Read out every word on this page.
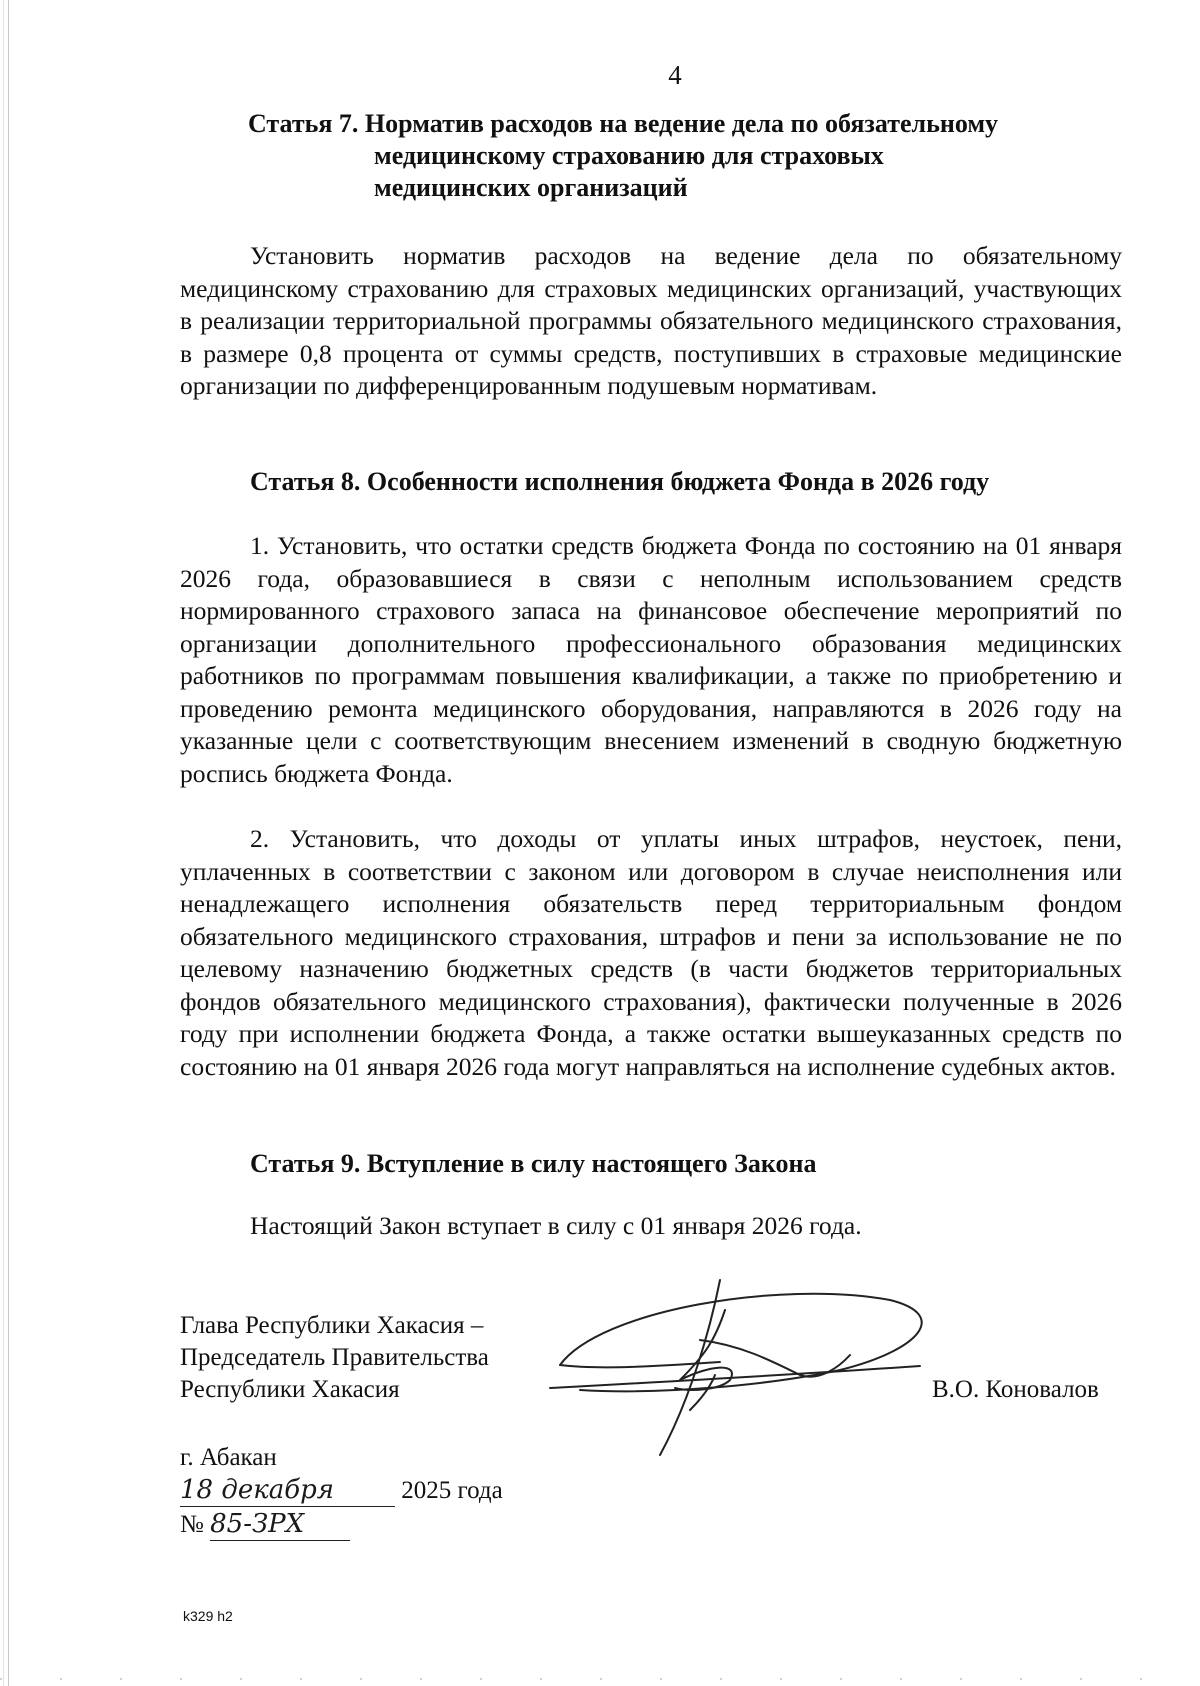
4
Статья 7. Норматив расходов на ведение дела по обязательному
медицинскому страхованию для страховых
медицинских организаций

Установить норматив расходов на ведение дела по обязательному медицинскому страхованию для страховых медицинских организаций, участвующих в реализации территориальной программы обязательного медицинского страхования, в размере 0,8 процента от суммы средств, поступивших в страховые медицинские организации по дифференцированным подушевым нормативам.

Статья 8. Особенности исполнения бюджета Фонда в 2026 году

1. Установить, что остатки средств бюджета Фонда по состоянию на 01 января 2026 года, образовавшиеся в связи с неполным использованием средств нормированного страхового запаса на финансовое обеспечение мероприятий по организации дополнительного профессионального образования медицинских работников по программам повышения квалификации, а также по приобретению и проведению ремонта медицинского оборудования, направляются в 2026 году на указанные цели с соответствующим внесением изменений в сводную бюджетную роспись бюджета Фонда.

2. Установить, что доходы от уплаты иных штрафов, неустоек, пени, уплаченных в соответствии с законом или договором в случае неисполнения или ненадлежащего исполнения обязательств перед территориальным фондом обязательного медицинского страхования, штрафов и пени за использование не по целевому назначению бюджетных средств (в части бюджетов территориальных фондов обязательного медицинского страхования), фактически полученные в 2026 году при исполнении бюджета Фонда, а также остатки вышеуказанных средств по состоянию на 01 января 2026 года могут направляться на исполнение судебных актов.

Статья 9. Вступление в силу настоящего Закона

Настоящий Закон вступает в силу с 01 января 2026 года.

Глава Республики Хакасия –
Председатель Правительства
Республики Хакасия	В.О. Коновалов
г. Абакан
18 декабря	2025 года
№ 85-ЗРХ
k329 h2
